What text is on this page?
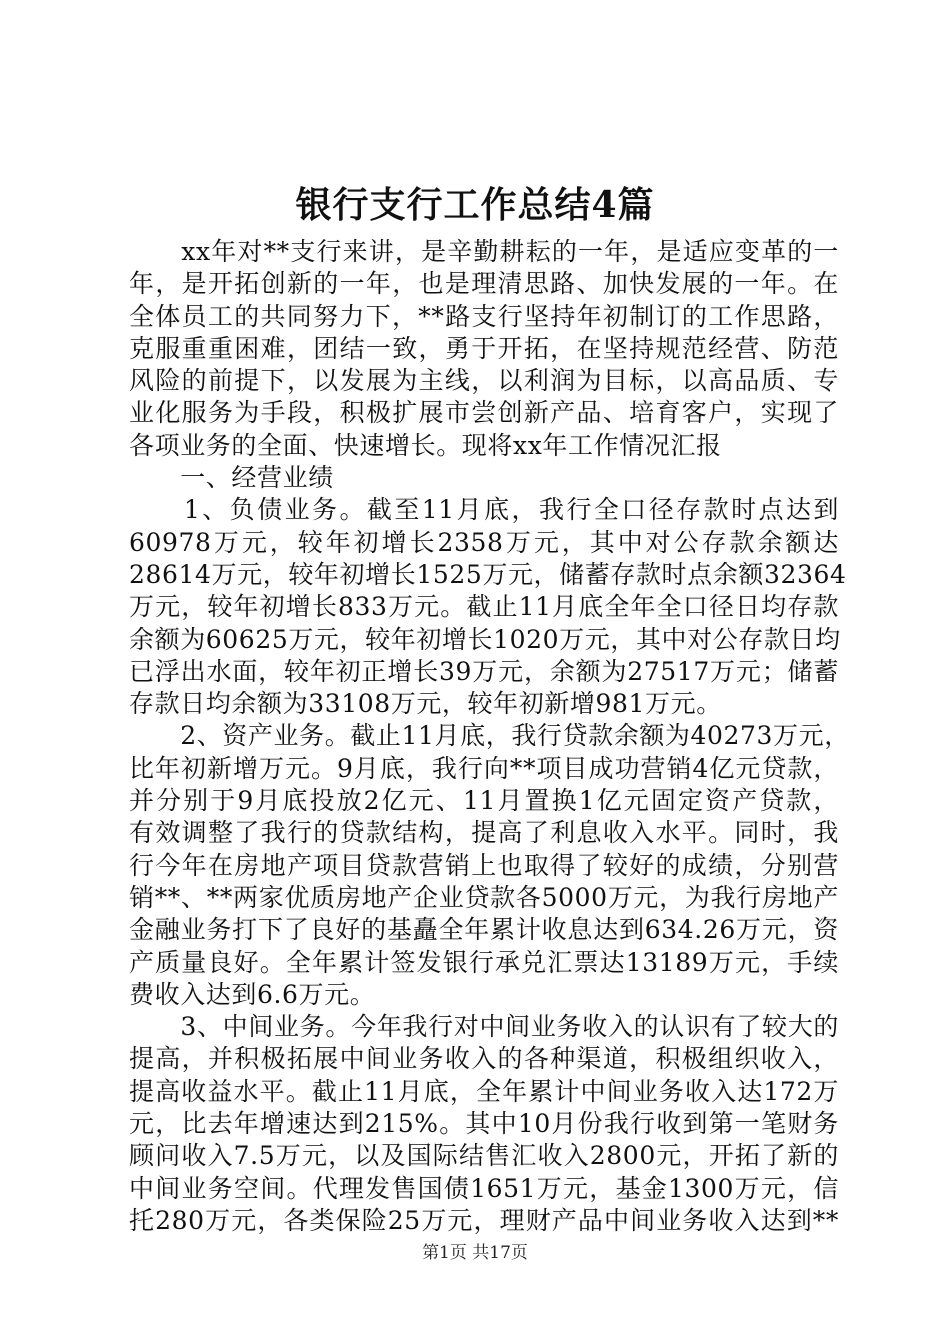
银行支行工作总结4篇
　　xx年对**支行来讲，是辛勤耕耘的一年，是适应变革的一
年，是开拓创新的一年，也是理清思路、加快发展的一年。在
全体员工的共同努力下，**路支行坚持年初制订的工作思路，
克服重重困难，团结一致，勇于开拓，在坚持规范经营、防范
风险的前提下，以发展为主线，以利润为目标，以高品质、专
业化服务为手段，积极扩展市尝创新产品、培育客户，实现了
各项业务的全面、快速增长。现将xx年工作情况汇报
　　一、经营业绩
　　1、负债业务。截至11月底，我行全口径存款时点达到
60978万元，较年初增长2358万元，其中对公存款余额达
28614万元，较年初增长1525万元，储蓄存款时点余额32364
万元，较年初增长833万元。截止11月底全年全口径日均存款
余额为60625万元，较年初增长1020万元，其中对公存款日均
已浮出水面，较年初正增长39万元，余额为27517万元；储蓄
存款日均余额为33108万元，较年初新增981万元。
　　2、资产业务。截止11月底，我行贷款余额为40273万元，
比年初新增万元。9月底，我行向**项目成功营销4亿元贷款，
并分别于9月底投放2亿元、11月置换1亿元固定资产贷款，
有效调整了我行的贷款结构，提高了利息收入水平。同时，我
行今年在房地产项目贷款营销上也取得了较好的成绩，分别营
销**、**两家优质房地产企业贷款各5000万元，为我行房地产
金融业务打下了良好的基矗全年累计收息达到634.26万元，资
产质量良好。全年累计签发银行承兑汇票达13189万元，手续
费收入达到6.6万元。
　　3、中间业务。今年我行对中间业务收入的认识有了较大的
提高，并积极拓展中间业务收入的各种渠道，积极组织收入，
提高收益水平。截止11月底，全年累计中间业务收入达172万
元，比去年增速达到215%。其中10月份我行收到第一笔财务
顾问收入7.5万元，以及国际结售汇收入2800元，开拓了新的
中间业务空间。代理发售国债1651万元，基金1300万元，信
托280万元，各类保险25万元，理财产品中间业务收入达到**
第1页 共17页
